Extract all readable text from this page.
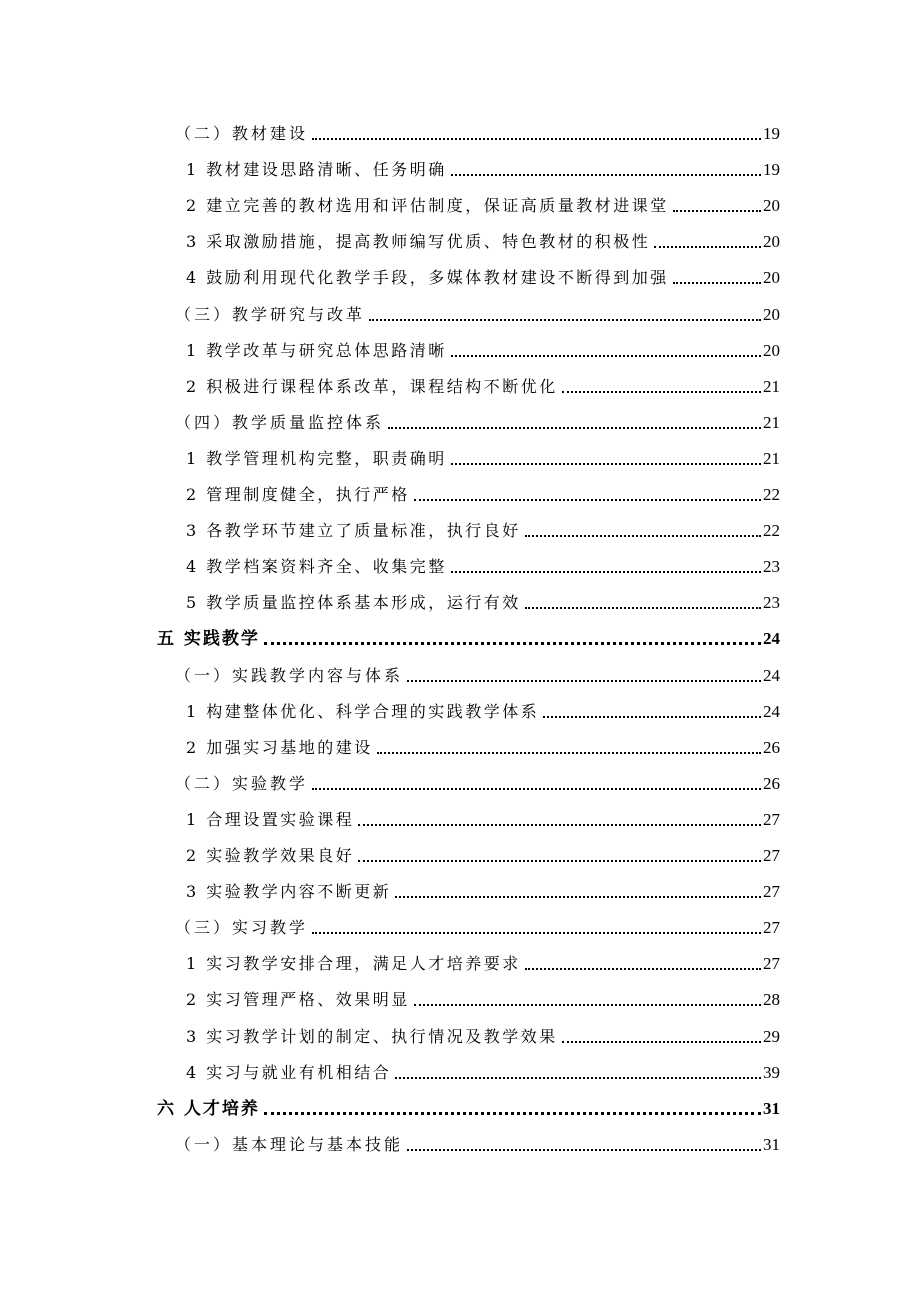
（二）教材建设	19
1 教材建设思路清晰、任务明确	19
2 建立完善的教材选用和评估制度，保证高质量教材进课堂	20
3 采取激励措施，提高教师编写优质、特色教材的积极性	20
4 鼓励利用现代化教学手段，多媒体教材建设不断得到加强	20
（三）教学研究与改革	20
1 教学改革与研究总体思路清晰	20
2 积极进行课程体系改革，课程结构不断优化	21
（四）教学质量监控体系	21
1 教学管理机构完整，职责确明	21
2 管理制度健全，执行严格	22
3 各教学环节建立了质量标准，执行良好	22
4 教学档案资料齐全、收集完整	23
5 教学质量监控体系基本形成，运行有效	23
五 实践教学	24
（一）实践教学内容与体系	24
1 构建整体优化、科学合理的实践教学体系	24
2 加强实习基地的建设	26
（二）实验教学	26
1 合理设置实验课程	27
2 实验教学效果良好	27
3 实验教学内容不断更新	27
（三）实习教学	27
1 实习教学安排合理，满足人才培养要求	27
2 实习管理严格、效果明显	28
3 实习教学计划的制定、执行情况及教学效果	29
4 实习与就业有机相结合	39
六 人才培养	31
（一）基本理论与基本技能	31
